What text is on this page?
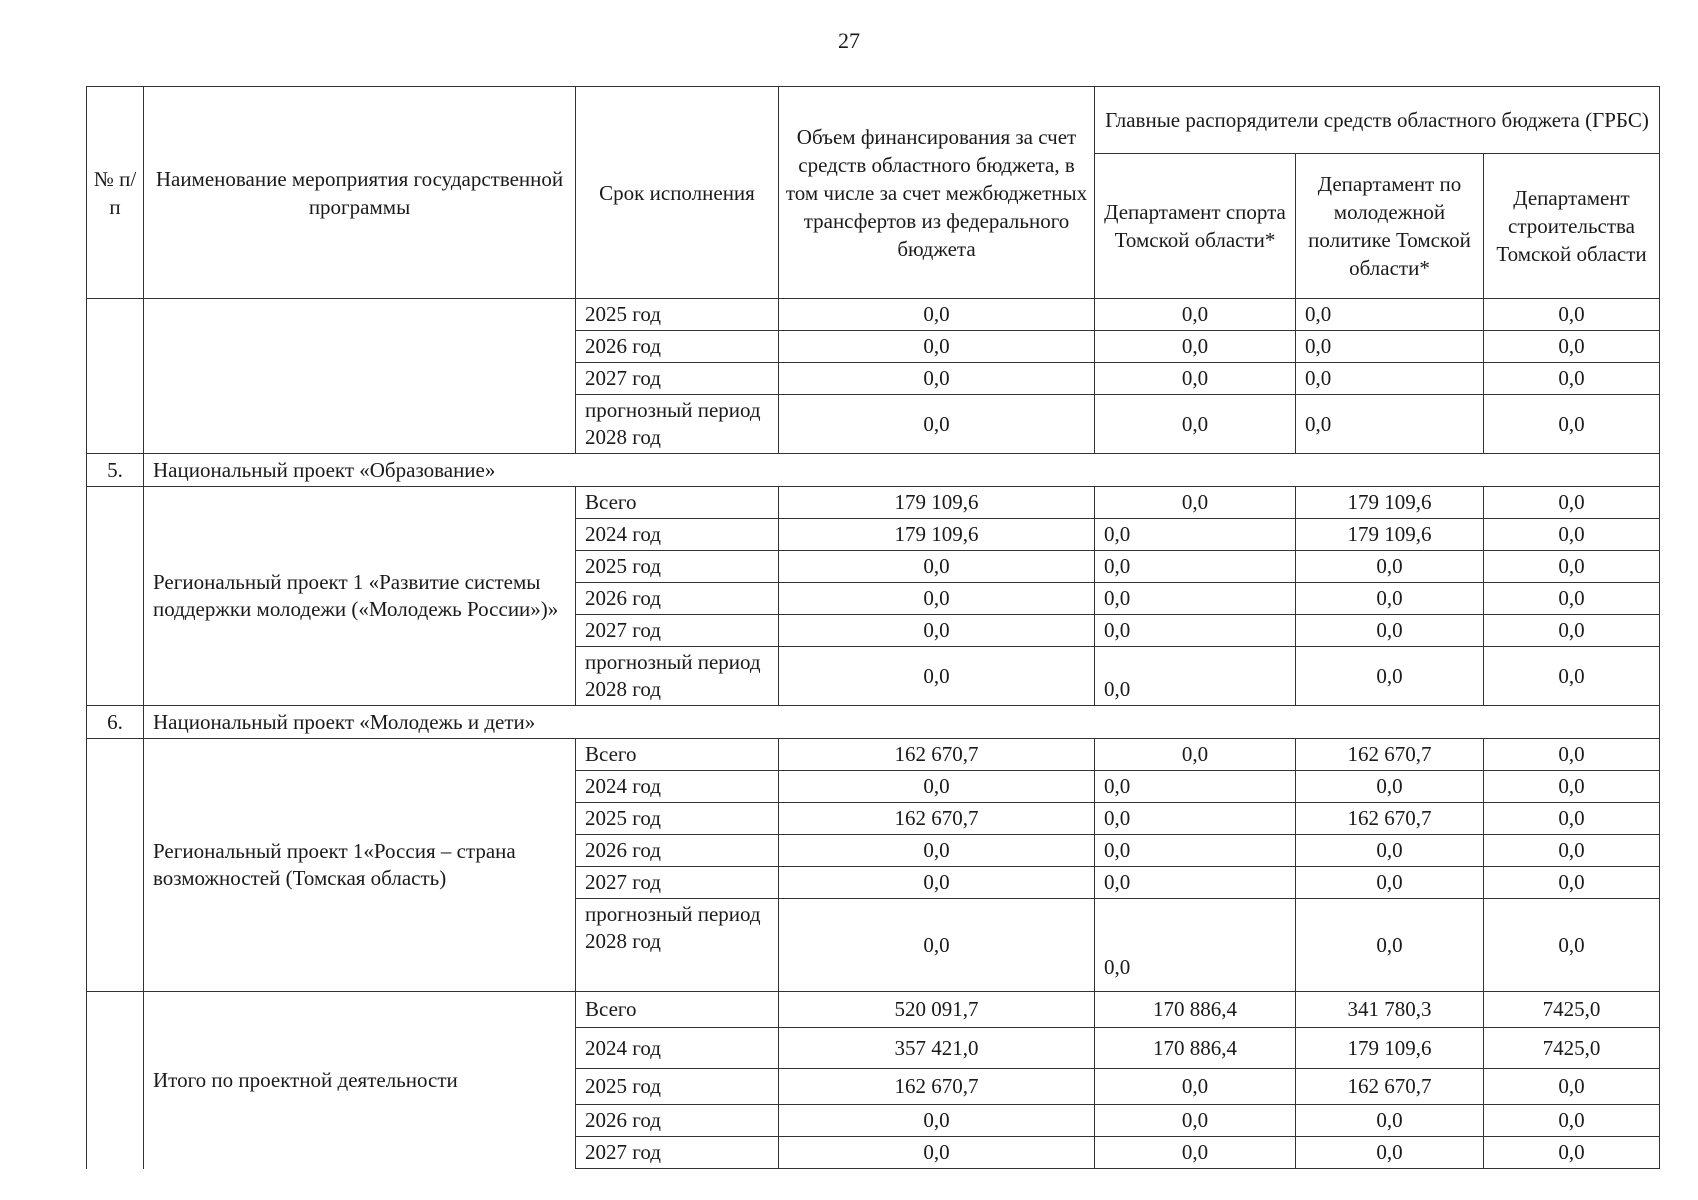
27
№ п/п	Наименование мероприятия государственной программы	Срок исполнения	Объем финансирования за счет средств областного бюджета, в том числе за счет межбюджетных трансфертов из федерального бюджета	Главные распорядители средств областного бюджета (ГРБС)		
				Департамент спорта Томской области*	Департамент по молодежной политике Томской области*	Департамент строительства Томской области
		2025 год	0,0	0,0	0,0	0,0
		2026 год	0,0	0,0	0,0	0,0
		2027 год	0,0	0,0	0,0	0,0
		прогнозный период 2028 год	0,0	0,0	0,0	0,0
5.	Национальный проект «Образование»					
	Региональный проект 1 «Развитие системы поддержки молодежи («Молодежь России»)»	Всего	179 109,6	0,0	179 109,6	0,0
		2024 год	179 109,6	0,0	179 109,6	0,0
		2025 год	0,0	0,0	0,0	0,0
		2026 год	0,0	0,0	0,0	0,0
		2027 год	0,0	0,0	0,0	0,0
		прогнозный период 2028 год	0,0	0,0	0,0	0,0
6.	Национальный проект «Молодежь и дети»					
	Региональный проект 1«Россия – страна возможностей (Томская область)	Всего	162 670,7	0,0	162 670,7	0,0
		2024 год	0,0	0,0	0,0	0,0
		2025 год	162 670,7	0,0	162 670,7	0,0
		2026 год	0,0	0,0	0,0	0,0
		2027 год	0,0	0,0	0,0	0,0
		прогнозный период 2028 год	0,0	0,0	0,0	0,0
	Итого по проектной деятельности	Всего	520 091,7	170 886,4	341 780,3	7425,0
		2024 год	357 421,0	170 886,4	179 109,6	7425,0
		2025 год	162 670,7	0,0	162 670,7	0,0
		2026 год	0,0	0,0	0,0	0,0
		2027 год	0,0	0,0	0,0	0,0
